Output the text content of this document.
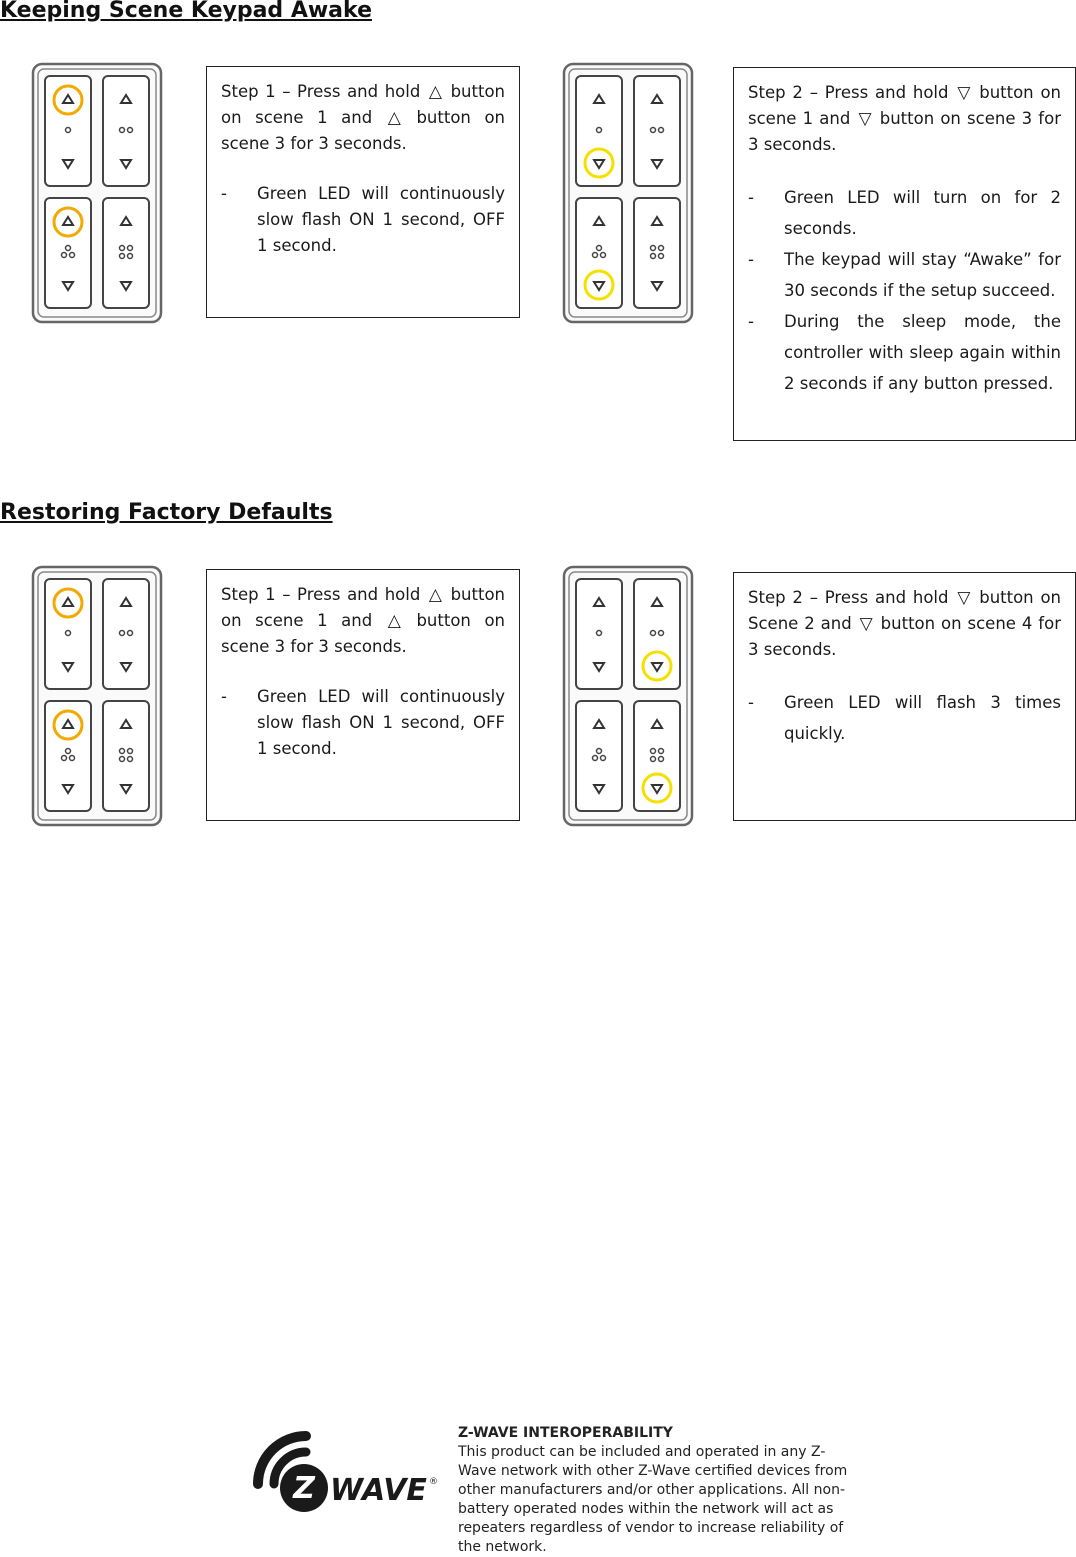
Keeping Scene Keypad Awake

Step 1 – Press and hold △ button on scene 1 and △ button on scene 3 for 3 seconds.

- Green LED will continuously slow flash ON 1 second, OFF 1 second.

Step 2 – Press and hold ▽ button on scene 1 and ▽ button on scene 3 for 3 seconds.

- Green LED will turn on for 2 seconds.
- The keypad will stay “Awake” for 30 seconds if the setup succeed.
- During the sleep mode, the controller with sleep again within 2 seconds if any button pressed.
Restoring Factory Defaults

Step 1 – Press and hold △ button on scene 1 and △ button on scene 3 for 3 seconds.

- Green LED will continuously slow flash ON 1 second, OFF 1 second.

Step 2 – Press and hold ▽ button on Scene 2 and ▽ button on scene 4 for 3 seconds.

- Green LED will flash 3 times quickly.
Z WAVE ®
Z-WAVE INTEROPERABILITY
This product can be included and operated in any Z-Wave network with other Z-Wave certified devices from other manufacturers and/or other applications. All non-battery operated nodes within the network will act as repeaters regardless of vendor to increase reliability of the network.
